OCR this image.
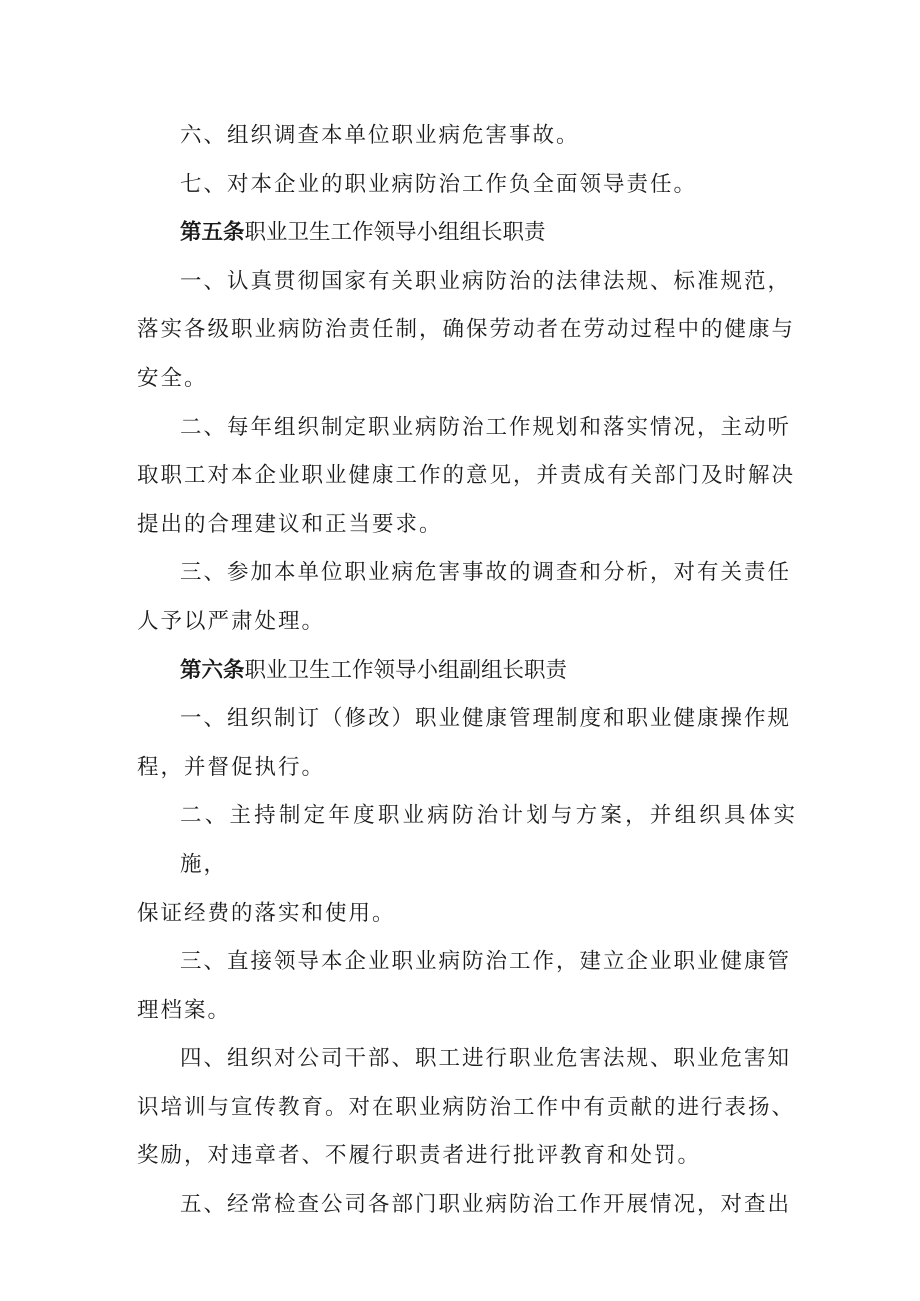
六、组织调查本单位职业病危害事故。

七、对本企业的职业病防治工作负全面领导责任。

第五条职业卫生工作领导小组组长职责

一、认真贯彻国家有关职业病防治的法律法规、标准规范，
落实各级职业病防治责任制，确保劳动者在劳动过程中的健康与
安全。

二、每年组织制定职业病防治工作规划和落实情况，主动听
取职工对本企业职业健康工作的意见，并责成有关部门及时解决
提出的合理建议和正当要求。

三、参加本单位职业病危害事故的调查和分析，对有关责任
人予以严肃处理。

第六条职业卫生工作领导小组副组长职责

一、组织制订（修改）职业健康管理制度和职业健康操作规
程，并督促执行。

二、主持制定年度职业病防治计划与方案，并组织具体实施，
保证经费的落实和使用。

三、直接领导本企业职业病防治工作，建立企业职业健康管
理档案。

四、组织对公司干部、职工进行职业危害法规、职业危害知
识培训与宣传教育。对在职业病防治工作中有贡献的进行表扬、
奖励，对违章者、不履行职责者进行批评教育和处罚。

五、经常检查公司各部门职业病防治工作开展情况，对查出
